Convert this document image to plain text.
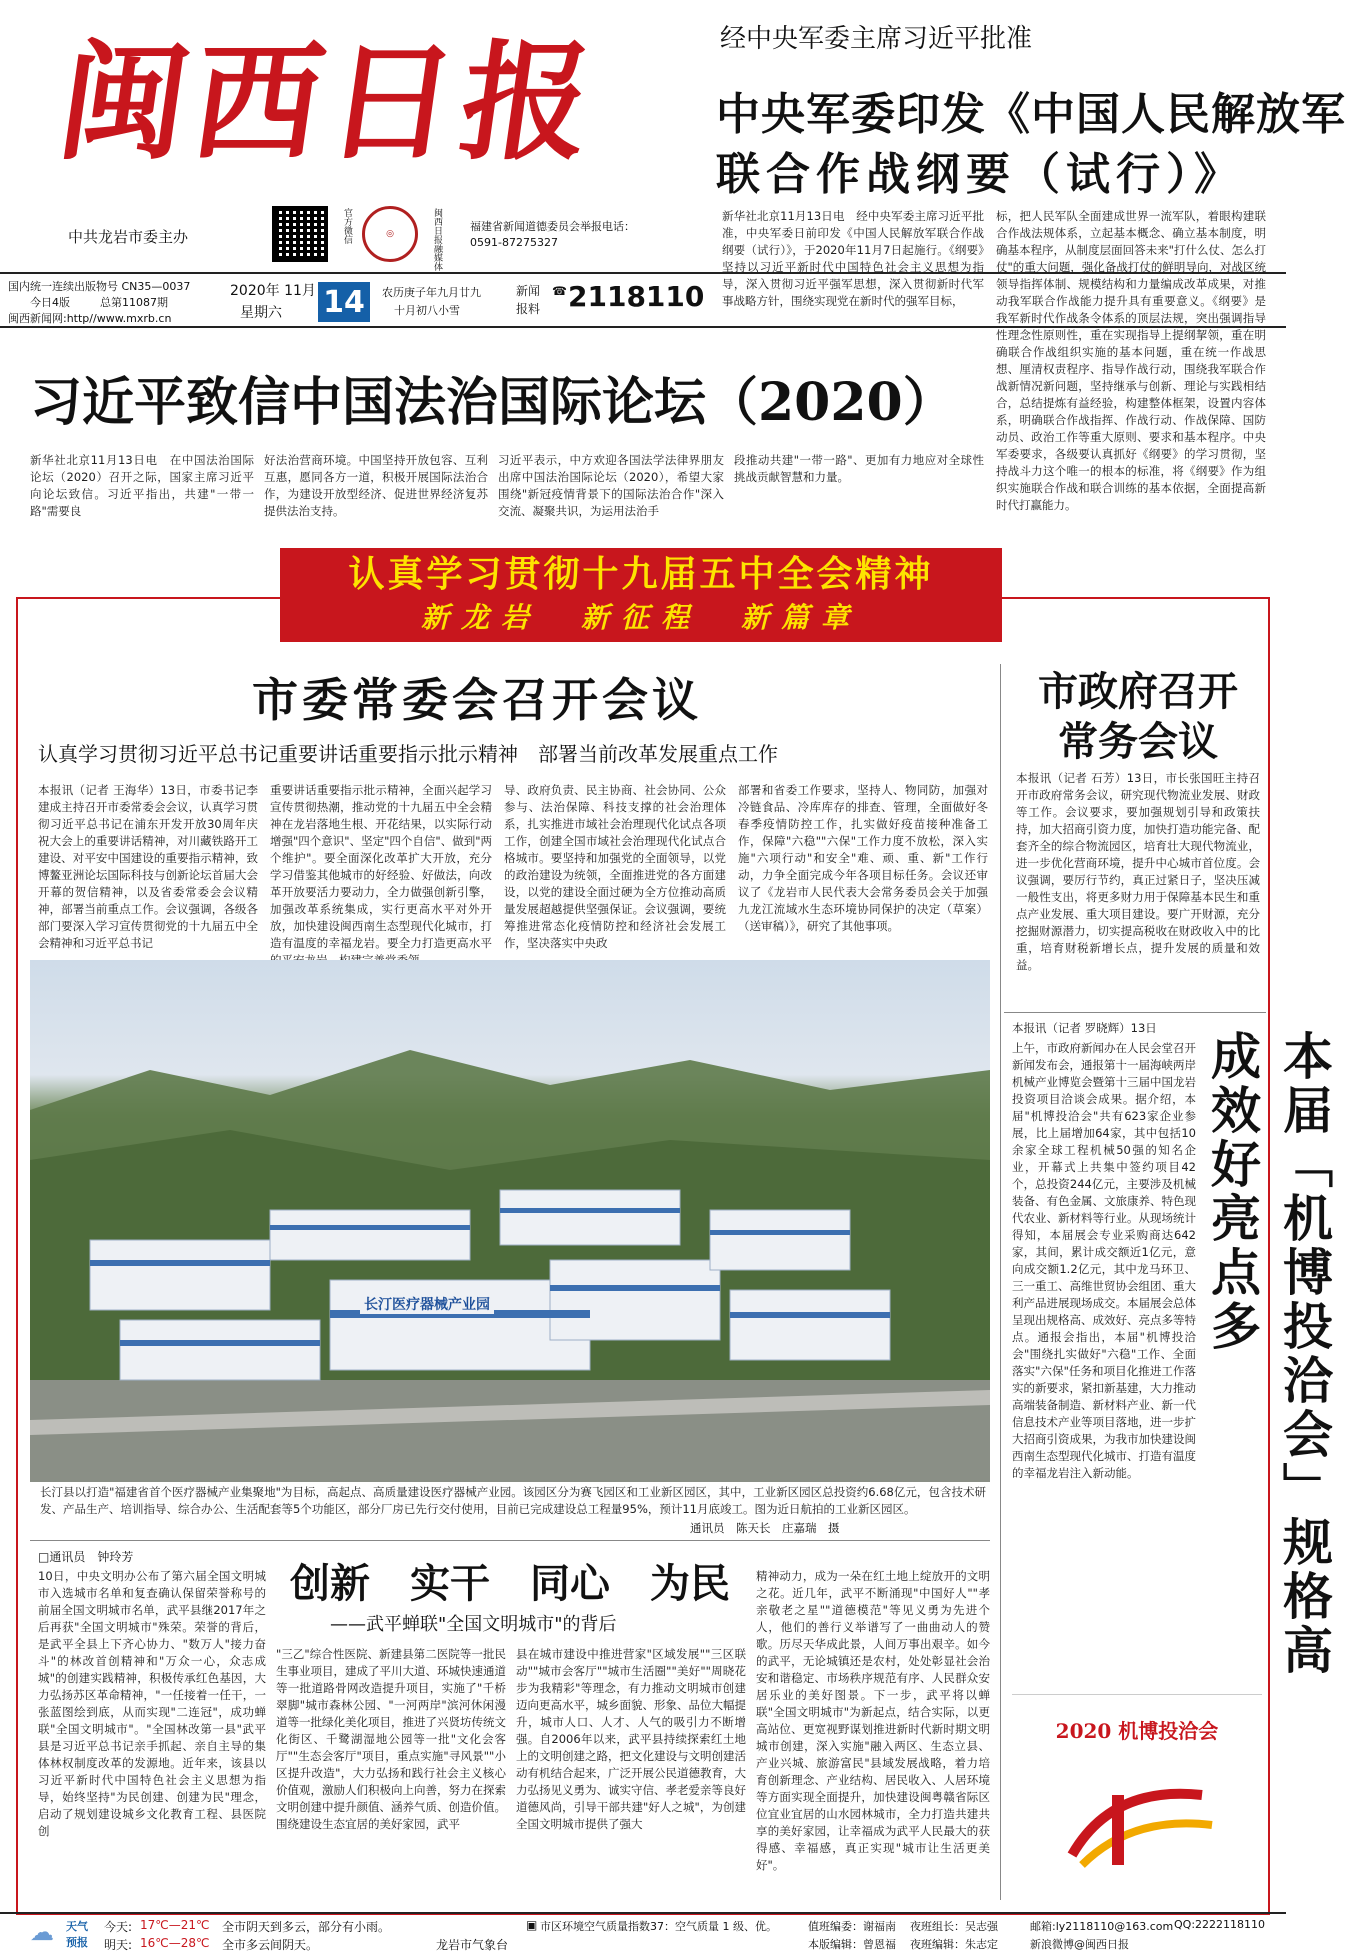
闽西日报
中共龙岩市委主办	官方微信	◎	闽西日报融媒体	福建省新闻道德委员会举报电话：
0591-87275327
国内统一连续出版物号 CN35—0037
今日4版	总第11087期
闽西新闻网:http//www.mxrb.cn
2020年 11月
星期六 14	农历庚子年九月廿九
十月初八小雪
新闻
报料
☎ 2118110
经中央军委主席习近平批准
中央军委印发《中国人民解放军
联合作战纲要（试行）》
新华社北京11月13日电　经中央军委主席习近平批准，中央军委日前印发《中国人民解放军联合作战纲要（试行）》，于2020年11月7日起施行。《纲要》坚持以习近平新时代中国特色社会主义思想为指导，深入贯彻习近平强军思想，深入贯彻新时代军事战略方针，围绕实现党在新时代的强军目标，
标，把人民军队全面建成世界一流军队，着眼构建联合作战法规体系，立起基本概念、确立基本制度，明确基本程序，从制度层面回答未来"打什么仗、怎么打仗"的重大问题，强化备战打仗的鲜明导向，对战区统领导指挥体制、规模结构和力量编成改革成果，对推动我军联合作战能力提升具有重要意义。《纲要》是我军新时代作战条令体系的顶层法规，突出强调指导性理念性原则性，重在实现指导上提纲挈领，重在明确联合作战组织实施的基本问题，重在统一作战思想、厘清权责程序、指导作战行动，围绕我军联合作战新情况新问题，坚持继承与创新、理论与实践相结合，总结提炼有益经验，构建整体框架，设置内容体系，明确联合作战指挥、作战行动、作战保障、国防动员、政治工作等重大原则、要求和基本程序。中央军委要求，各级要认真抓好《纲要》的学习贯彻，坚持战斗力这个唯一的根本的标准，将《纲要》作为组织实施联合作战和联合训练的基本依据，全面提高新时代打赢能力。
习近平致信中国法治国际论坛（2020）
新华社北京11月13日电　在中国法治国际论坛（2020）召开之际，国家主席习近平向论坛致信。习近平指出，共建"一带一路"需要良
好法治营商环境。中国坚持开放包容、互利互惠，愿同各方一道，积极开展国际法治合作，为建设开放型经济、促进世界经济复苏提供法治支持。
习近平表示，中方欢迎各国法学法律界朋友出席中国法治国际论坛（2020），希望大家围绕"新冠疫情背景下的国际法治合作"深入交流、凝聚共识，为运用法治手
段推动共建"一带一路"、更加有力地应对全球性挑战贡献智慧和力量。
认真学习贯彻十九届五中全会精神
新龙岩　新征程　新篇章
市委常委会召开会议
认真学习贯彻习近平总书记重要讲话重要指示批示精神　部署当前改革发展重点工作
本报讯（记者 王海华）13日，市委书记李建成主持召开市委常委会会议，认真学习贯彻习近平总书记在浦东开发开放30周年庆祝大会上的重要讲话精神，对川藏铁路开工建设、对平安中国建设的重要指示精神，致博鳌亚洲论坛国际科技与创新论坛首届大会开幕的贺信精神，以及省委常委会会议精神，部署当前重点工作。会议强调，各级各部门要深入学习宣传贯彻党的十九届五中全会精神和习近平总书记
重要讲话重要指示批示精神，全面兴起学习宣传贯彻热潮，推动党的十九届五中全会精神在龙岩落地生根、开花结果，以实际行动增强"四个意识"、坚定"四个自信"、做到"两个维护"。要全面深化改革扩大开放，充分学习借鉴其他城市的好经验、好做法，向改革开放要活力要动力，全力做强创新引擎，加强改革系统集成，实行更高水平对外开放，加快建设闽西南生态型现代化城市，打造有温度的幸福龙岩。要全力打造更高水平
导、政府负责、民主协商、社会协同、公众参与、法治保障、科技支撑的社会治理体系，扎实推进市域社会治理现代化试点各项工作，创建全国市域社会治理现代化试点合格城市。要坚持和加强党的全面领导，以党的政治建设为统领，全面推进党的各方面建设，以党的建设全面过硬为全方位推动高质量发展超越提供坚强保证。会议强调，要统筹推进常态化疫情防控和经济社会发展工作，坚决落实中央政
部署和省委工作要求，坚持人、物同防，加强对冷链食品、冷库库存的排查、管理，全面做好冬春季疫情防控工作，扎实做好疫苗接种准备工作，保障"六稳""六保"工作力度不放松，深入实施"六项行动"和安全"难、顽、重、新"工作行动，力争全面完成今年各项目标任务。会议还审议了《龙岩市人民代表大会常务委员会关于加强九龙江流域水生态环境协同保护的决定（草案）（送审稿）》，研究了其他事项。
市政府召开
常务会议
本报讯（记者 石芳）13日，市长张国旺主持召开市政府常务会议，研究现代物流业发展、财政等工作。会议要求，要加强规划引导和政策扶持，加大招商引资力度，加快打造功能完备、配套齐全的综合物流园区，培育壮大现代物流业，进一步优化营商环境，提升中心城市首位度。会议强调，要厉行节约，真正过紧日子，坚决压减一般性支出，将更多财力用于保障基本民生和重点产业发展、重大项目建设。要广开财源，充分挖掘财源潜力，切实提高税收在财政收入中的比重，培育财税新增长点，提升发展的质量和效益。
长汀医疗器械产业园
长汀县以打造"福建省首个医疗器械产业集聚地"为目标，高起点、高质量建设医疗器械产业园。该园区分为赛飞园区和工业新区园区，其中，工业新区园区总投资约6.68亿元，包含技术研发、产品生产、培训指导、综合办公、生活配套等5个功能区，部分厂房已先行交付使用，目前已完成建设总工程量95%，预计11月底竣工。图为近日航拍的工业新区园区。
通讯员　陈天长　庄嘉瑞　摄
□通讯员　钟玲芳
创新　实干　同心　为民
——武平蝉联"全国文明城市"的背后
10日，中央文明办公布了第六届全国文明城市入选城市名单和复查确认保留荣誉称号的前届全国文明城市名单，武平县继2017年之后再获"全国文明城市"殊荣。荣誉的背后，是武平全县上下齐心协力、"数万人"接力奋斗"的林改首创精神和"万众一心，众志成城"的创建实践精神，积极传承红色基因，大力弘扬苏区革命精神，"一任接着一任干，一张蓝图绘到底，从而实现"二连冠"，成功蝉联"全国文明城市"。"全国林改第一县"武平县是习近平总书记亲手抓起、亲自主导的集体林权制度改革的发源地。近年来，该县以习近平新时代中国特色社会主义思想为指导，始终坚持"为民创建、创建为民"理念，启动了规划建设城乡文化教育工程、县医院创
"三乙"综合性医院、新建县第二医院等一批民生事业项目，建成了平川大道、环城快速通道等一批道路骨网改造提升项目，实施了"千桥翠脚"城市森林公园、"一河两岸"滨河休闲漫道等一批绿化美化项目，推进了兴贤坊传统文化街区、千鹭湖湿地公园等一批"文化会客厅""生态会客厅"项目，重点实施"寻风景""小区提升改造"，大力弘扬和践行社会主义核心价值观，激励人们积极向上向善，努力在探索文明创建中提升颜值、涵养气质、创造价值。围绕建设生态宜居的美好家园，武平
县在城市建设中推进营家"区域发展""三区联动""城市会客厅""城市生活圈""美好""周晓花步为我精彩"等理念，有力推动文明城市创建迈向更高水平，城乡面貌、形象、品位大幅提升，城市人口、人才、人气的吸引力不断增强。自2006年以来，武平县持续探索红土地上的文明创建之路，把文化建设与文明创建活动有机结合起来，广泛开展公民道德教育，大力弘扬见义勇为、诚实守信、孝老爱亲等良好道德风尚，引导干部共建"好人之城"，为创建全国文明城市提供了强大
精神动力，成为一朵在红土地上绽放开的文明之花。近几年，武平不断涌现"中国好人""孝亲敬老之星""道德模范"等见义勇为先进个人，他们的善行义举谱写了一曲曲动人的赞歌。历尽天华成此景，人间万事出艰辛。如今的武平，无论城镇还是农村，处处彰显社会治安和谐稳定、市场秩序规范有序、人民群众安居乐业的美好图景。下一步，武平将以蝉联"全国文明城市"为新起点，结合实际，以更高站位、更宽视野谋划推进新时代新时期文明城市创建，深入实施"融入两区、生态立县、产业兴城、旅游富民"县域发展战略，着力培育创新理念、产业结构、居民收入、人居环境等方面实现全面提升，加快建设闽粤赣省际区位宜业宜居的山水园林城市，全力打造共建共享的美好家园，让幸福成为武平人民最大的获得感、幸福感，真正实现"城市让生活更美好"。
本报讯（记者 罗晓辉）13日
本届「机博投洽会」规格高成效好亮点多
上午，市政府新闻办在人民会堂召开新闻发布会，通报第十一届海峡两岸机械产业博览会暨第十三届中国龙岩投资项目洽谈会成果。据介绍，本届"机博投洽会"共有623家企业参展，比上届增加64家，其中包括10余家全球工程机械50强的知名企业，开幕式上共集中签约项目42个，总投资244亿元，主要涉及机械装备、有色金属、文旅康养、特色现代农业、新材料等行业。从现场统计得知，本届展会专业采购商达642家，其间，累计成交额近1亿元，意向成交额1.2亿元，其中龙马环卫、三一重工、高维世贸协会组团、重大利产品进展现场成交。本届展会总体呈现出规格高、成效好、亮点多等特点。通报会指出，本届"机博投洽会"围绕扎实做好"六稳"工作、全面落实"六保"任务和项目化推进工作落实的新要求，紧扣新基建，大力推动高端装备制造、新材料产业、新一代信息技术产业等项目落地，进一步扩大招商引资成果，为我市加快建设闽西南生态型现代化城市、打造有温度的幸福龙岩注入新动能。
2020 机博投洽会
☁ 天气
预报
今天: 17℃—21℃ 全市阴天到多云，部分有小雨。
明天: 16℃—28℃ 全市多云间阴天。	龙岩市气象台
▣ 市区环境空气质量指数37：空气质量 1 级、优。	值班编委：谢福南
本版编辑：曾恩福
夜班组长：吴志强
夜班编辑：朱志定
邮箱:ly2118110@163.com QQ:2222118110
新浪微博@闽西日报
